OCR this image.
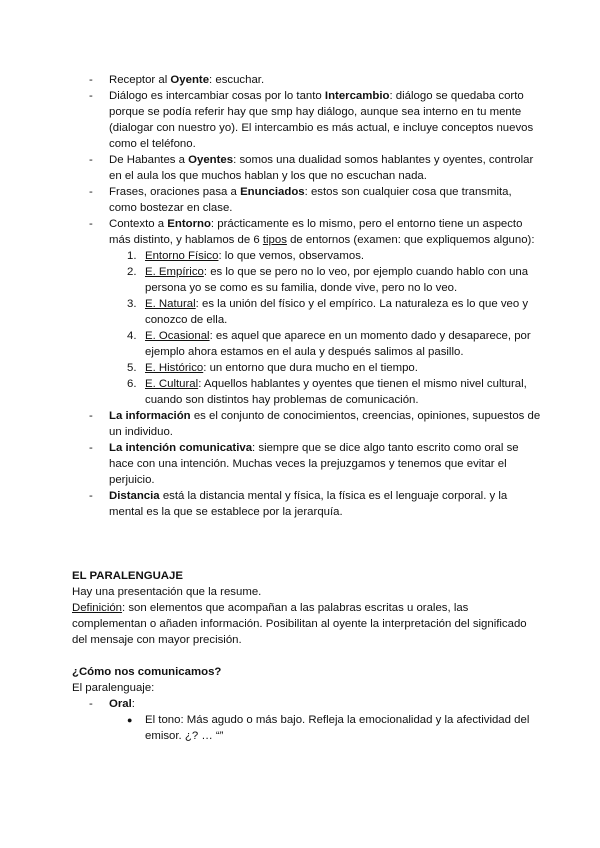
- Receptor al Oyente: escuchar.
- Diálogo es intercambiar cosas por lo tanto Intercambio: diálogo se quedaba corto porque se podía referir hay que smp hay diálogo, aunque sea interno en tu mente (dialogar con nuestro yo). El intercambio es más actual, e incluye conceptos nuevos como el teléfono.
- De Habantes a Oyentes: somos una dualidad somos hablantes y oyentes, controlar en el aula los que muchos hablan y los que no escuchan nada.
- Frases, oraciones pasa a Enunciados: estos son cualquier cosa que transmita, como bostezar en clase.
- Contexto a Entorno: prácticamente es lo mismo, pero el entorno tiene un aspecto más distinto, y hablamos de 6 tipos de entornos (examen: que expliquemos alguno):
1. Entorno Físico: lo que vemos, observamos.
2. E. Empírico: es lo que se pero no lo veo, por ejemplo cuando hablo con una persona yo se como es su familia, donde vive, pero no lo veo.
3. E. Natural: es la unión del físico y el empírico. La naturaleza es lo que veo y conozco de ella.
4. E. Ocasional: es aquel que aparece en un momento dado y desaparece, por ejemplo ahora estamos en el aula y después salimos al pasillo.
5. E. Histórico: un entorno que dura mucho en el tiempo.
6. E. Cultural: Aquellos hablantes y oyentes que tienen el mismo nivel cultural, cuando son distintos hay problemas de comunicación.
- La información es el conjunto de conocimientos, creencias, opiniones, supuestos de un individuo.
- La intención comunicativa: siempre que se dice algo tanto escrito como oral se hace con una intención. Muchas veces la prejuzgamos y tenemos que evitar el perjuicio.
- Distancia está la distancia mental y física, la física es el lenguaje corporal. y la mental es la que se establece por la jerarquía.
EL PARALENGUAJE
Hay una presentación que la resume.
Definición: son elementos que acompañan a las palabras escritas u orales, las complementan o añaden información. Posibilitan al oyente la interpretación del significado del mensaje con mayor precisión.
¿Cómo nos comunicamos?
El paralenguaje:
- Oral:
● El tono: Más agudo o más bajo. Refleja la emocionalidad y la afectividad del emisor. ¿? … “”
